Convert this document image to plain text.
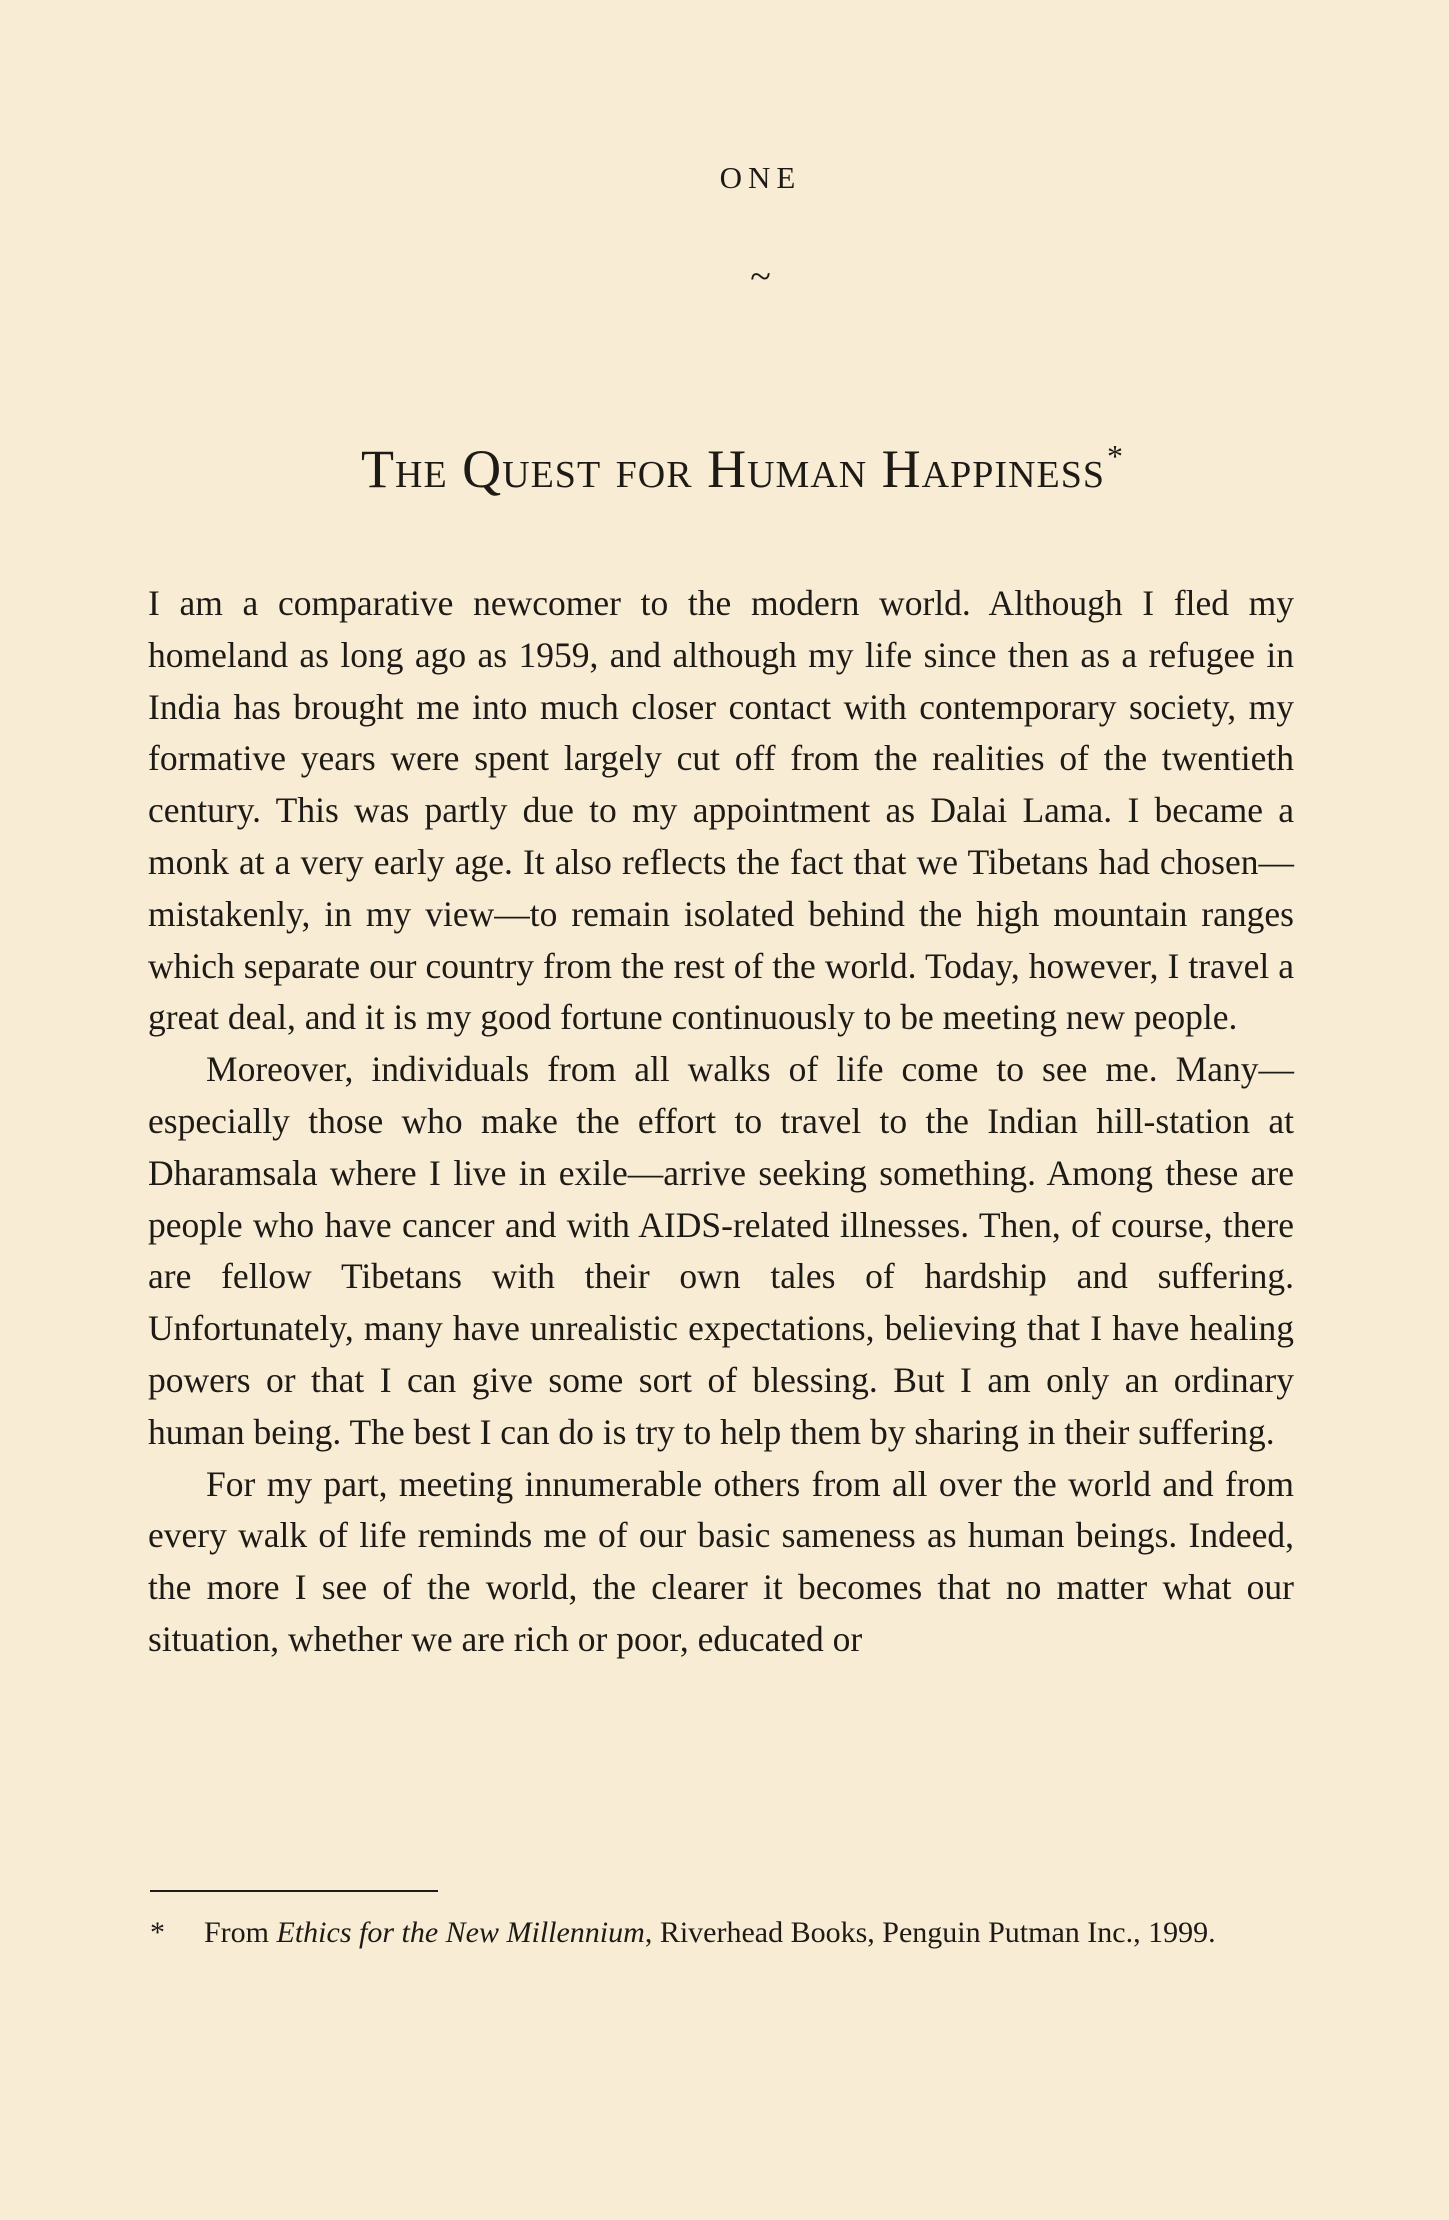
ONE
~
The Quest for Human Happiness*

I am a comparative newcomer to the modern world. Although I fled my homeland as long ago as 1959, and although my life since then as a refugee in India has brought me into much closer contact with contemporary society, my formative years were spent largely cut off from the realities of the twentieth century. This was partly due to my appointment as Dalai Lama. I became a monk at a very early age. It also reflects the fact that we Tibetans had chosen—mistakenly, in my view—to remain isolated behind the high mountain ranges which separate our country from the rest of the world. Today, however, I travel a great deal, and it is my good fortune continuously to be meeting new people.

Moreover, individuals from all walks of life come to see me. Many—especially those who make the effort to travel to the Indian hill-station at Dharamsala where I live in exile—arrive seeking something. Among these are people who have cancer and with AIDS-related illnesses. Then, of course, there are fellow Tibetans with their own tales of hardship and suffering. Unfortunately, many have unrealistic expectations, believing that I have healing powers or that I can give some sort of blessing. But I am only an ordinary human being. The best I can do is try to help them by sharing in their suffering.

For my part, meeting innumerable others from all over the world and from every walk of life reminds me of our basic sameness as human beings. Indeed, the more I see of the world, the clearer it becomes that no matter what our situation, whether we are rich or poor, educated or

*	From Ethics for the New Millennium, Riverhead Books, Penguin Putman Inc., 1999.
